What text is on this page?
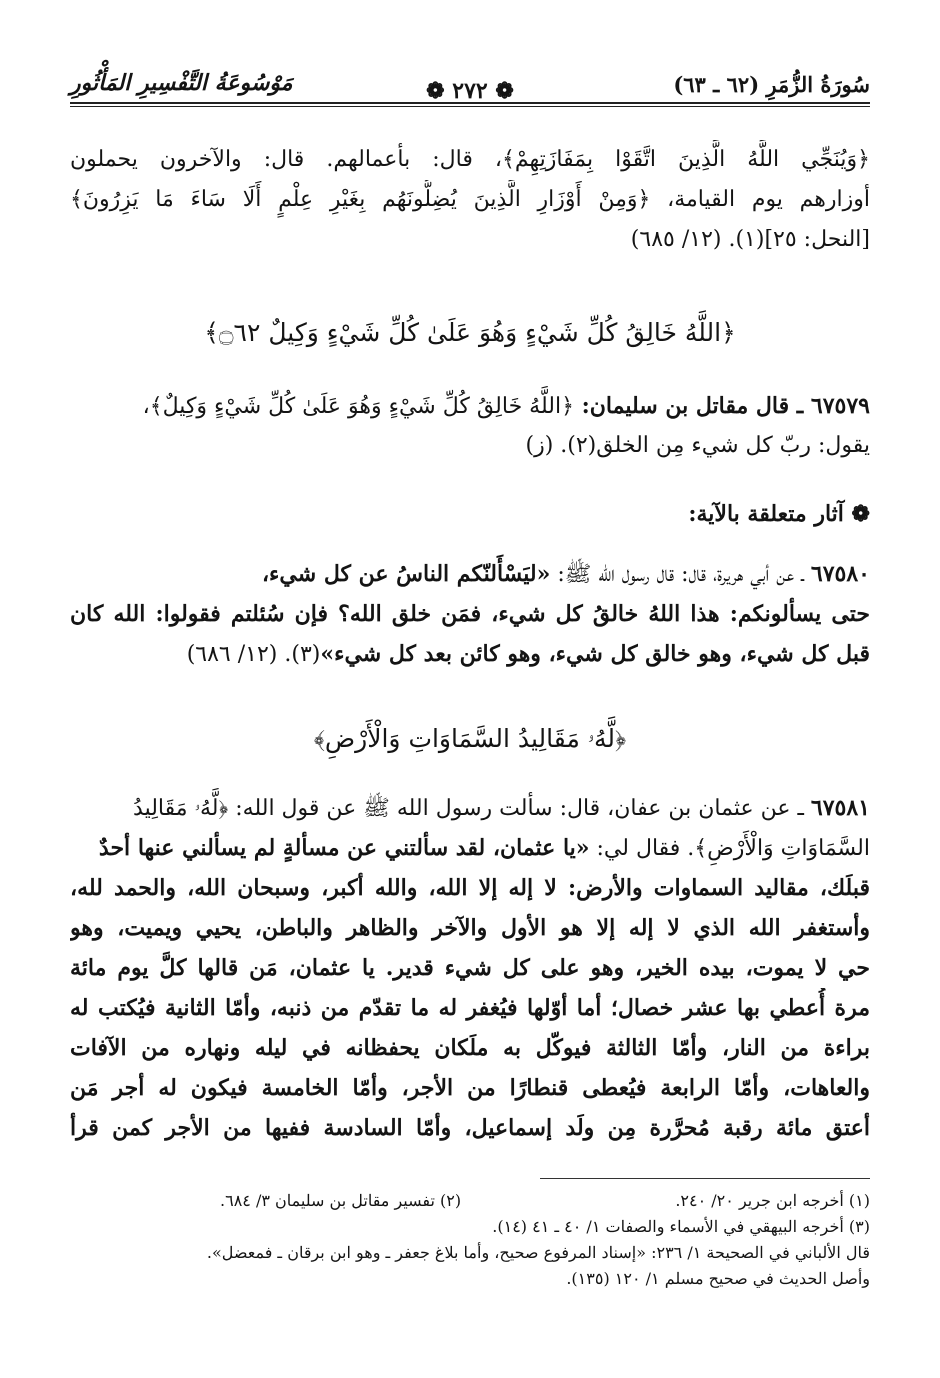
سُورَةُ الزُّمَرِ (٦٢ ـ ٦٣)
❁ ٢٧٢ ❁
مَوْسُوعَةُ التَّفْسِيرِ المَأْثُورِ
﴿وَيُنَجِّي اللَّهُ الَّذِينَ اتَّقَوْا بِمَفَازَتِهِمْ﴾، قال: بأعمالهم. قال: والآخرون يحملون
أوزارهم يوم القيامة، ﴿وَمِنْ أَوْزَارِ الَّذِينَ يُضِلُّونَهُم بِغَيْرِ عِلْمٍ أَلَا سَاءَ مَا يَزِرُونَ﴾
[النحل: ٢٥](١). (١٢/ ٦٨٥)
﴿اللَّهُ خَالِقُ كُلِّ شَيْءٍ وَهُوَ عَلَىٰ كُلِّ شَيْءٍ وَكِيلٌ ۝٦٢﴾
٦٧٥٧٩ ـ قال مقاتل بن سليمان: ﴿اللَّهُ خَالِقُ كُلِّ شَيْءٍ وَهُوَ عَلَىٰ كُلِّ شَيْءٍ وَكِيلٌ﴾،
يقول: ربّ كل شيء مِن الخلق(٢). (ز)
❁ آثار متعلقة بالآية:
٦٧٥٨٠ ـ عن أبي هريرة، قال: قال رسول الله ﷺ: «ليَسْأَلنّكم الناسُ عن كل شيء،
حتى يسألونكم: هذا اللهُ خالقُ كل شيء، فمَن خلق الله؟ فإن سُئلتم فقولوا: الله كان
قبل كل شيء، وهو خالق كل شيء، وهو كائن بعد كل شيء»(٣). (١٢/ ٦٨٦)
﴿لَّهُۥ مَقَالِيدُ السَّمَاوَاتِ وَالْأَرْضِ﴾
٦٧٥٨١ ـ عن عثمان بن عفان، قال: سألت رسول الله ﷺ عن قول الله: ﴿لَّهُۥ مَقَالِيدُ
السَّمَاوَاتِ وَالْأَرْضِ﴾. فقال لي: «يا عثمان، لقد سألتني عن مسألةٍ لم يسألني عنها أحدٌ
قبلَك، مقاليد السماوات والأرض: لا إله إلا الله، والله أكبر، وسبحان الله، والحمد لله،
وأستغفر الله الذي لا إله إلا هو الأول والآخر والظاهر والباطن، يحيي ويميت، وهو
حي لا يموت، بيده الخير، وهو على كل شيء قدير. يا عثمان، مَن قالها كلَّ يوم مائة
مرة أُعطي بها عشر خصال؛ أما أوّلها فيُغفر له ما تقدّم من ذنبه، وأمّا الثانية فيُكتب له
براءة من النار، وأمّا الثالثة فيوكّل به ملَكان يحفظانه في ليله ونهاره من الآفات
والعاهات، وأمّا الرابعة فيُعطى قنطارًا من الأجر، وأمّا الخامسة فيكون له أجر مَن
أعتق مائة رقبة مُحرَّرة مِن ولَد إسماعيل، وأمّا السادسة ففيها من الأجر كمن قرأ
(١) أخرجه ابن جرير ٢٠/ ٢٤٠.
(٢) تفسير مقاتل بن سليمان ٣/ ٦٨٤.
(٣) أخرجه البيهقي في الأسماء والصفات ١/ ٤٠ ـ ٤١ (١٤).
قال الألباني في الصحيحة ١/ ٢٣٦: «إسناد المرفوع صحيح، وأما بلاغ جعفر ـ وهو ابن برقان ـ فمعضل».
وأصل الحديث في صحيح مسلم ١/ ١٢٠ (١٣٥).
